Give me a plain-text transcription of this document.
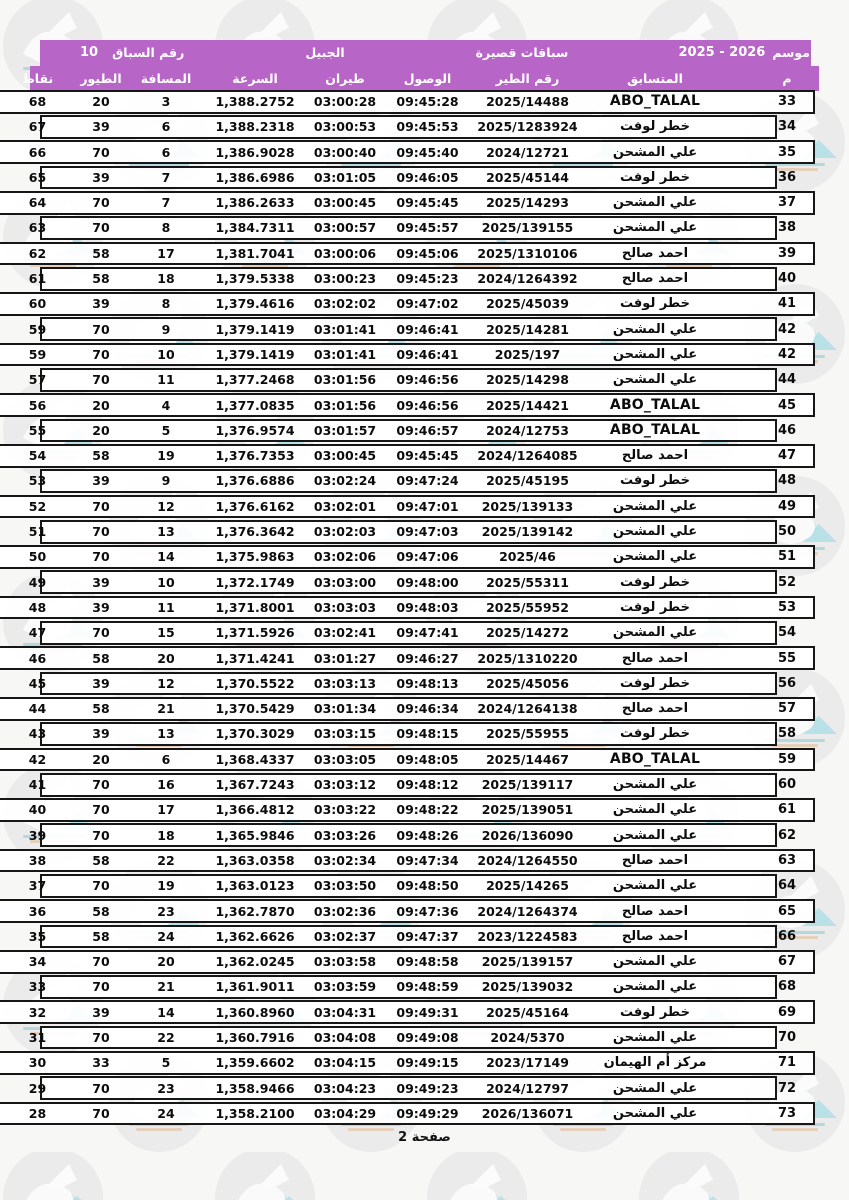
موسم
2025 - 2026
سباقات قصيرة
الجبيل
رقم السباق
10
م
المتسابق
رقم الطير
الوصول
طيران
السرعة
المسافة
الطيور
نقاط
33
ABO_TALAL
2025/14488
09:45:28
03:00:28
1,388.2752
3
20
68
34
خطر لوفت
2025/1283924
09:45:53
03:00:53
1,388.2318
6
39
67
35
علي المشحن
2024/12721
09:45:40
03:00:40
1,386.9028
6
70
66
36
خطر لوفت
2025/45144
09:46:05
03:01:05
1,386.6986
7
39
65
37
علي المشحن
2025/14293
09:45:45
03:00:45
1,386.2633
7
70
64
38
علي المشحن
2025/139155
09:45:57
03:00:57
1,384.7311
8
70
63
39
احمد صالح
2025/1310106
09:45:06
03:00:06
1,381.7041
17
58
62
40
احمد صالح
2024/1264392
09:45:23
03:00:23
1,379.5338
18
58
61
41
خطر لوفت
2025/45039
09:47:02
03:02:02
1,379.4616
8
39
60
42
علي المشحن
2025/14281
09:46:41
03:01:41
1,379.1419
9
70
59
42
علي المشحن
2025/197
09:46:41
03:01:41
1,379.1419
10
70
59
44
علي المشحن
2025/14298
09:46:56
03:01:56
1,377.2468
11
70
57
45
ABO_TALAL
2025/14421
09:46:56
03:01:56
1,377.0835
4
20
56
46
ABO_TALAL
2024/12753
09:46:57
03:01:57
1,376.9574
5
20
55
47
احمد صالح
2024/1264085
09:45:45
03:00:45
1,376.7353
19
58
54
48
خطر لوفت
2025/45195
09:47:24
03:02:24
1,376.6886
9
39
53
49
علي المشحن
2025/139133
09:47:01
03:02:01
1,376.6162
12
70
52
50
علي المشحن
2025/139142
09:47:03
03:02:03
1,376.3642
13
70
51
51
علي المشحن
2025/46
09:47:06
03:02:06
1,375.9863
14
70
50
52
خطر لوفت
2025/55311
09:48:00
03:03:00
1,372.1749
10
39
49
53
خطر لوفت
2025/55952
09:48:03
03:03:03
1,371.8001
11
39
48
54
علي المشحن
2025/14272
09:47:41
03:02:41
1,371.5926
15
70
47
55
احمد صالح
2025/1310220
09:46:27
03:01:27
1,371.4241
20
58
46
56
خطر لوفت
2025/45056
09:48:13
03:03:13
1,370.5522
12
39
45
57
احمد صالح
2024/1264138
09:46:34
03:01:34
1,370.5429
21
58
44
58
خطر لوفت
2025/55955
09:48:15
03:03:15
1,370.3029
13
39
43
59
ABO_TALAL
2025/14467
09:48:05
03:03:05
1,368.4337
6
20
42
60
علي المشحن
2025/139117
09:48:12
03:03:12
1,367.7243
16
70
41
61
علي المشحن
2025/139051
09:48:22
03:03:22
1,366.4812
17
70
40
62
علي المشحن
2026/136090
09:48:26
03:03:26
1,365.9846
18
70
39
63
احمد صالح
2024/1264550
09:47:34
03:02:34
1,363.0358
22
58
38
64
علي المشحن
2025/14265
09:48:50
03:03:50
1,363.0123
19
70
37
65
احمد صالح
2024/1264374
09:47:36
03:02:36
1,362.7870
23
58
36
66
احمد صالح
2023/1224583
09:47:37
03:02:37
1,362.6626
24
58
35
67
علي المشحن
2025/139157
09:48:58
03:03:58
1,362.0245
20
70
34
68
علي المشحن
2025/139032
09:48:59
03:03:59
1,361.9011
21
70
33
69
خطر لوفت
2025/45164
09:49:31
03:04:31
1,360.8960
14
39
32
70
علي المشحن
2024/5370
09:49:08
03:04:08
1,360.7916
22
70
31
71
مركز أم الهيمان
2023/17149
09:49:15
03:04:15
1,359.6602
5
33
30
72
علي المشحن
2024/12797
09:49:23
03:04:23
1,358.9466
23
70
29
73
علي المشحن
2026/136071
09:49:29
03:04:29
1,358.2100
24
70
28
صفحة 2
